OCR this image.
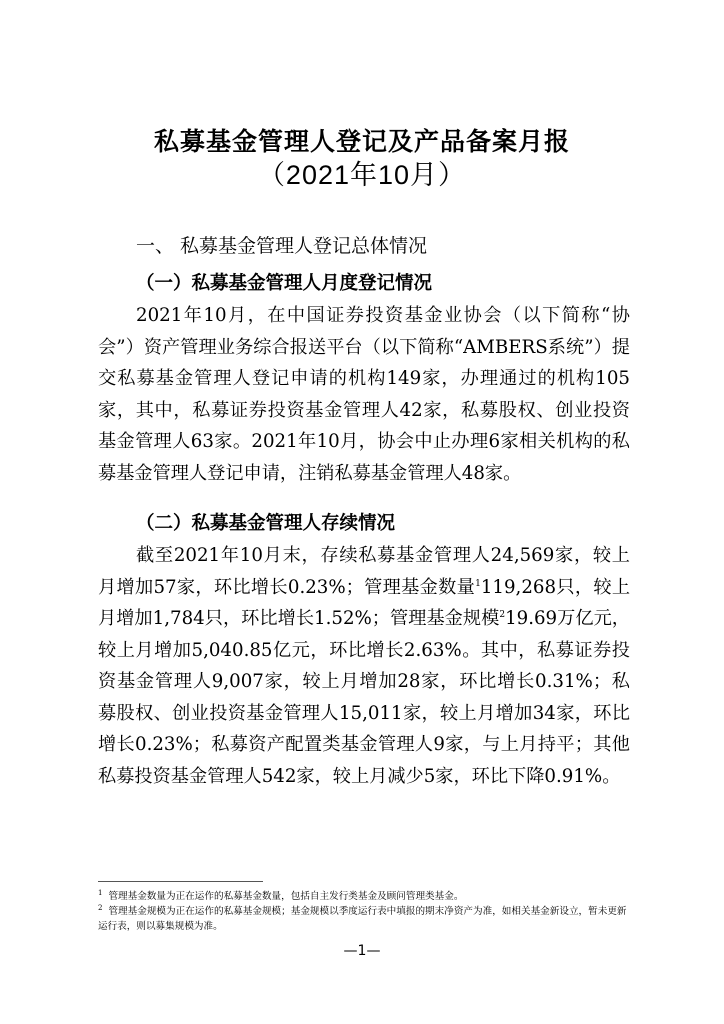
私募基金管理人登记及产品备案月报
（2021年10月）
一、 私募基金管理人登记总体情况
（一）私募基金管理人月度登记情况

2021年10月，在中国证券投资基金业协会（以下简称“协会”）资产管理业务综合报送平台（以下简称“AMBERS系统”）提交私募基金管理人登记申请的机构149家，办理通过的机构105家，其中，私募证券投资基金管理人42家，私募股权、创业投资基金管理人63家。2021年10月，协会中止办理6家相关机构的私募基金管理人登记申请，注销私募基金管理人48家。

（二）私募基金管理人存续情况

截至2021年10月末，存续私募基金管理人24,569家，较上月增加57家，环比增长0.23%；管理基金数量$^1$119,268只，较上月增加1,784只，环比增长1.52%；管理基金规模$^2$19.69万亿元，较上月增加5,040.85亿元，环比增长2.63%。其中，私募证券投资基金管理人9,007家，较上月增加28家，环比增长0.31%；私募股权、创业投资基金管理人15,011家，较上月增加34家，环比增长0.23%；私募资产配置类基金管理人9家，与上月持平；其他私募投资基金管理人542家，较上月减少5家，环比下降0.91%。

$^1$ 管理基金数量为正在运作的私募基金数量，包括自主发行类基金及顾问管理类基金。

$^2$ 管理基金规模为正在运作的私募基金规模；基金规模以季度运行表中填报的期末净资产为准，如相关基金新设立，暂未更新运行表，则以募集规模为准。

—1—
